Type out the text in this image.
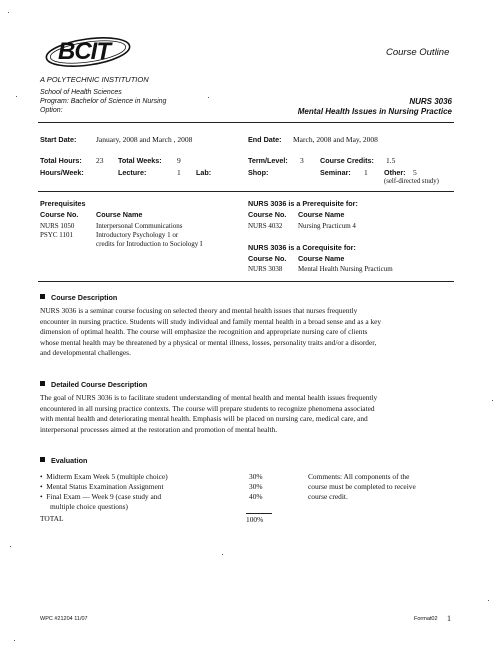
BCIT
A POLYTECHNIC INSTITUTION
Course Outline
School of Health Sciences
Program: Bachelor of Science in Nursing
Option:
NURS 3036
Mental Health Issues in Nursing Practice
Start Date:	January, 2008 and March , 2008	End Date: March, 2008 and May, 2008
Total Hours: 23 Total Weeks: 9	Term/Level: 3 Course Credits: 1.5
Hours/Week:	Lecture:	1 Lab:	Shop:	Seminar: 1 Other: 5
(self-directed study)
Prerequisites
Course No. Course Name
NURS 1050	Interpersonal Communications
PSYC 1101	Introductory Psychology 1 or
credits for Introduction to Sociology I
NURS 3036 is a Prerequisite for:
Course No. Course Name
NURS 4032 Nursing Practicum 4
NURS 3036 is a Corequisite for:
Course No. Course Name
NURS 3038 Mental Health Nursing Practicum
Course Description
NURS 3036 is a seminar course focusing on selected theory and mental health issues that nurses frequently
encounter in nursing practice. Students will study individual and family mental health in a broad sense and as a key
dimension of optimal health. The course will emphasize the recognition and appropriate nursing care of clients
whose mental health may be threatened by a physical or mental illness, losses, personality traits and/or a disorder,
and developmental challenges.
Detailed Course Description
The goal of NURS 3036 is to facilitate student understanding of mental health and mental health issues frequently
encountered in all nursing practice contexts. The course will prepare students to recognize phenomena associated
with mental health and deteriorating mental health. Emphasis will be placed on nursing care, medical care, and
interpersonal processes aimed at the restoration and promotion of mental health.
Evaluation
•  Midterm Exam Week 5 (multiple choice)	30%
•  Mental Status Examination Assignment	30%
•  Final Exam — Week 9 (case study and	40%
multiple choice questions)
TOTAL	100%
Comments: All components of the
course must be completed to receive
course credit.
WPC #21204 11/07	Format02 1
